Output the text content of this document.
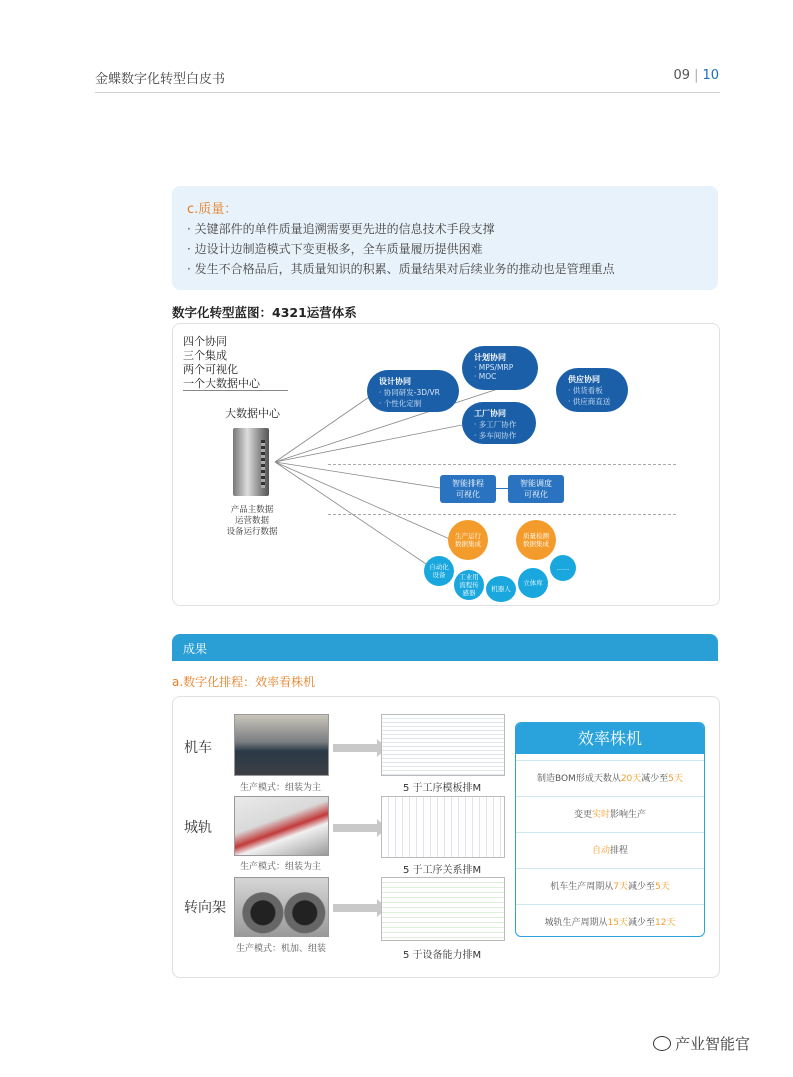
金蝶数字化转型白皮书	09 | 10
c.质量：
· 关键部件的单件质量追溯需要更先进的信息技术手段支撑
· 边设计边制造模式下变更极多，全车质量履历提供困难
· 发生不合格品后，其质量知识的积累、质量结果对后续业务的推动也是管理重点
数字化转型蓝图：4321运营体系
四个协同
三个集成
两个可视化
一个大数据中心
大数据中心
产品主数据
运营数据
设备运行数据
设计协同
· 协同研发-3D/VR
· 个性化定制
计划协同
· MPS/MRP
· MOC	供应协同
· 供货看板
· 供应商直送
工厂协同
· 多工厂协作
· 多车间协作
智能排程
可视化
智能调度
可视化
生产运行
数据集成
质量检测
数据集成
自动化
设备	工业用
流程传
感器	机器人
立体库
......
成果
a.数字化排程：效率看株机
机车
生产模式：组装为主	5 于工序模板排M
城轨
生产模式：组装为主	5 于工序关系排M
转向架
生产模式：机加、组装
5 于设备能力排M
效率株机
制造BOM形成天数从20天减少至5天
变更实时影响生产
自动排程
机车生产周期从7天减少至5天
城轨生产周期从15天减少至12天
产业智能官
